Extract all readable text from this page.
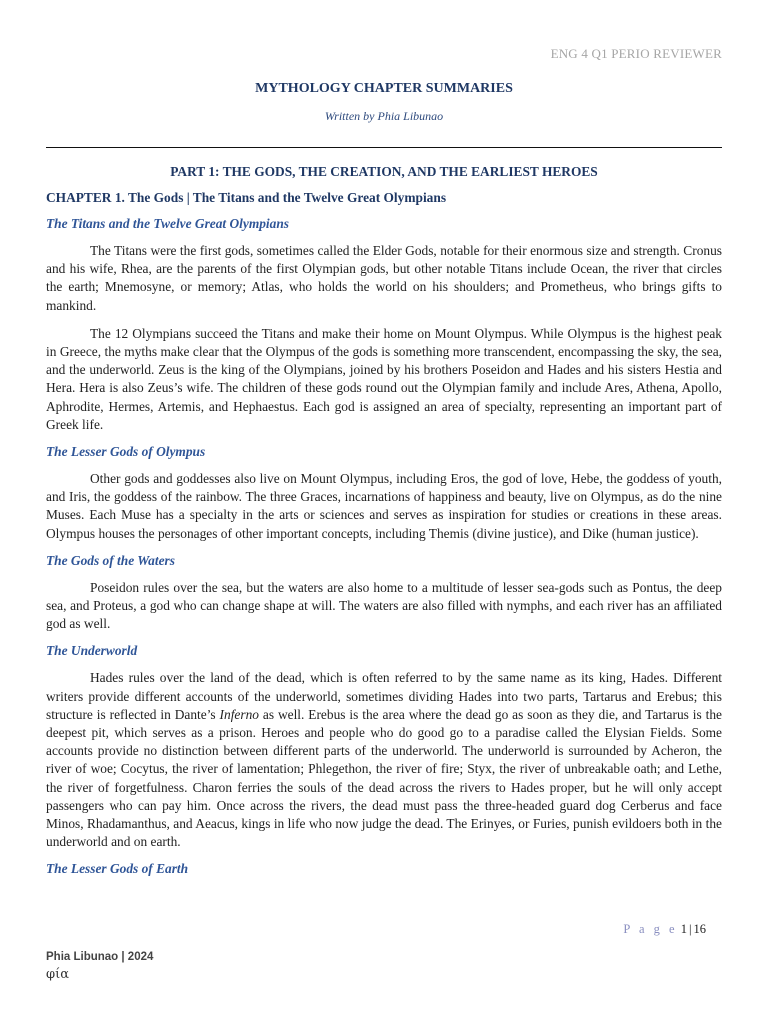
ENG 4 Q1 PERIO REVIEWER
MYTHOLOGY CHAPTER SUMMARIES
Written by Phia Libunao
PART 1: THE GODS, THE CREATION, AND THE EARLIEST HEROES
CHAPTER 1. The Gods | The Titans and the Twelve Great Olympians
The Titans and the Twelve Great Olympians

The Titans were the first gods, sometimes called the Elder Gods, notable for their enormous size and strength. Cronus and his wife, Rhea, are the parents of the first Olympian gods, but other notable Titans include Ocean, the river that circles the earth; Mnemosyne, or memory; Atlas, who holds the world on his shoulders; and Prometheus, who brings gifts to mankind.

The 12 Olympians succeed the Titans and make their home on Mount Olympus. While Olympus is the highest peak in Greece, the myths make clear that the Olympus of the gods is something more transcendent, encompassing the sky, the sea, and the underworld. Zeus is the king of the Olympians, joined by his brothers Poseidon and Hades and his sisters Hestia and Hera. Hera is also Zeus’s wife. The children of these gods round out the Olympian family and include Ares, Athena, Apollo, Aphrodite, Hermes, Artemis, and Hephaestus. Each god is assigned an area of specialty, representing an important part of Greek life.

The Lesser Gods of Olympus

Other gods and goddesses also live on Mount Olympus, including Eros, the god of love, Hebe, the goddess of youth, and Iris, the goddess of the rainbow. The three Graces, incarnations of happiness and beauty, live on Olympus, as do the nine Muses. Each Muse has a specialty in the arts or sciences and serves as inspiration for studies or creations in these areas. Olympus houses the personages of other important concepts, including Themis (divine justice), and Dike (human justice).

The Gods of the Waters

Poseidon rules over the sea, but the waters are also home to a multitude of lesser sea-gods such as Pontus, the deep sea, and Proteus, a god who can change shape at will. The waters are also filled with nymphs, and each river has an affiliated god as well.

The Underworld

Hades rules over the land of the dead, which is often referred to by the same name as its king, Hades. Different writers provide different accounts of the underworld, sometimes dividing Hades into two parts, Tartarus and Erebus; this structure is reflected in Dante’s Inferno as well. Erebus is the area where the dead go as soon as they die, and Tartarus is the deepest pit, which serves as a prison. Heroes and people who do good go to a paradise called the Elysian Fields. Some accounts provide no distinction between different parts of the underworld. The underworld is surrounded by Acheron, the river of woe; Cocytus, the river of lamentation; Phlegethon, the river of fire; Styx, the river of unbreakable oath; and Lethe, the river of forgetfulness. Charon ferries the souls of the dead across the rivers to Hades proper, but he will only accept passengers who can pay him. Once across the rivers, the dead must pass the three-headed guard dog Cerberus and face Minos, Rhadamanthus, and Aeacus, kings in life who now judge the dead. The Erinyes, or Furies, punish evildoers both in the underworld and on earth.

The Lesser Gods of Earth
P a g e 1 | 16
Phia Libunao | 2024
φία
